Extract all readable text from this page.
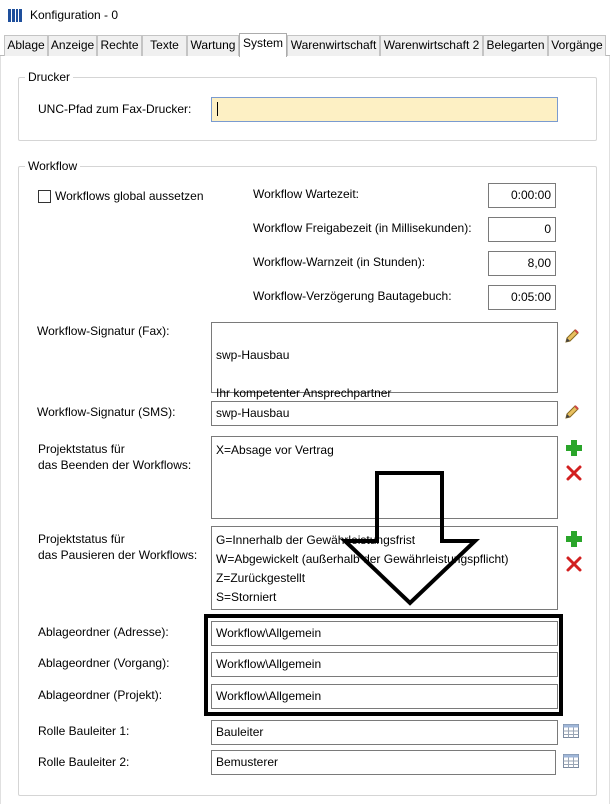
Konfiguration - 0
Ablage Anzeige Rechte Texte Wartung System Warenwirtschaft Warenwirtschaft 2 Belegarten Vorgänge
Drucker
UNC-Pfad zum Fax-Drucker:
Workflow
Workflows global aussetzen	Workflow Wartezeit:	0:00:00
Workflow Freigabezeit (in Millisekunden):	0
Workflow-Warnzeit (in Stunden):	8,00
Workflow-Verzögerung Bautagebuch:	0:05:00
Workflow-Signatur (Fax):
swp-Hausbau
Ihr kompetenter Ansprechpartner
Workflow-Signatur (SMS):	swp-Hausbau
Projektstatus für
das Beenden der Workflows:
X=Absage vor Vertrag
Projektstatus für
das Pausieren der Workflows:
G=Innerhalb der Gewährleistungsfrist
W=Abgewickelt (außerhalb der Gewährleistungspflicht)
Z=Zurückgestellt
S=Storniert
Ablageordner (Adresse):	Workflow\Allgemein
Ablageordner (Vorgang):	Workflow\Allgemein
Ablageordner (Projekt):	Workflow\Allgemein
Rolle Bauleiter 1:	Bauleiter
Rolle Bauleiter 2:	Bemusterer
